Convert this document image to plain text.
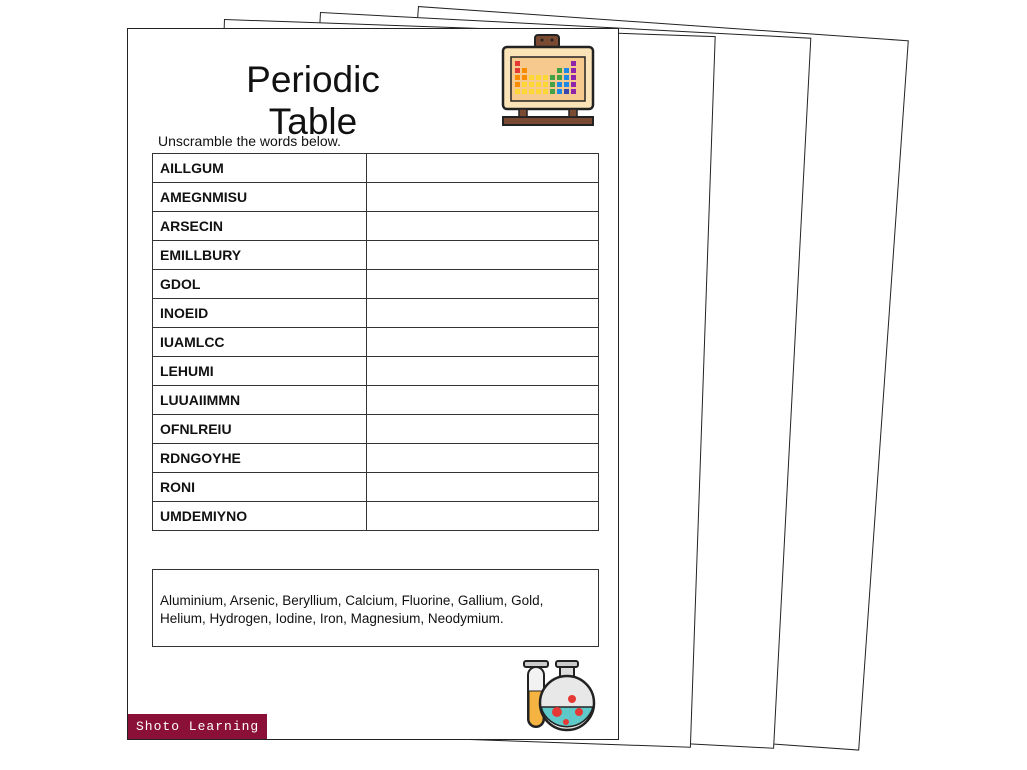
Periodic Table
Unscramble the words below.
AILLGUM	
AMEGNMISU	
ARSECIN	
EMILLBURY	
GDOL	
INOEID	
IUAMLCC	
LEHUMI	
LUUAIIMMN	
OFNLREIU	
RDNGOYHE	
RONI	
UMDEMIYNO	
Aluminium, Arsenic, Beryllium, Calcium, Fluorine, Gallium, Gold,
Helium, Hydrogen, Iodine, Iron, Magnesium, Neodymium.
Shoto Learning
